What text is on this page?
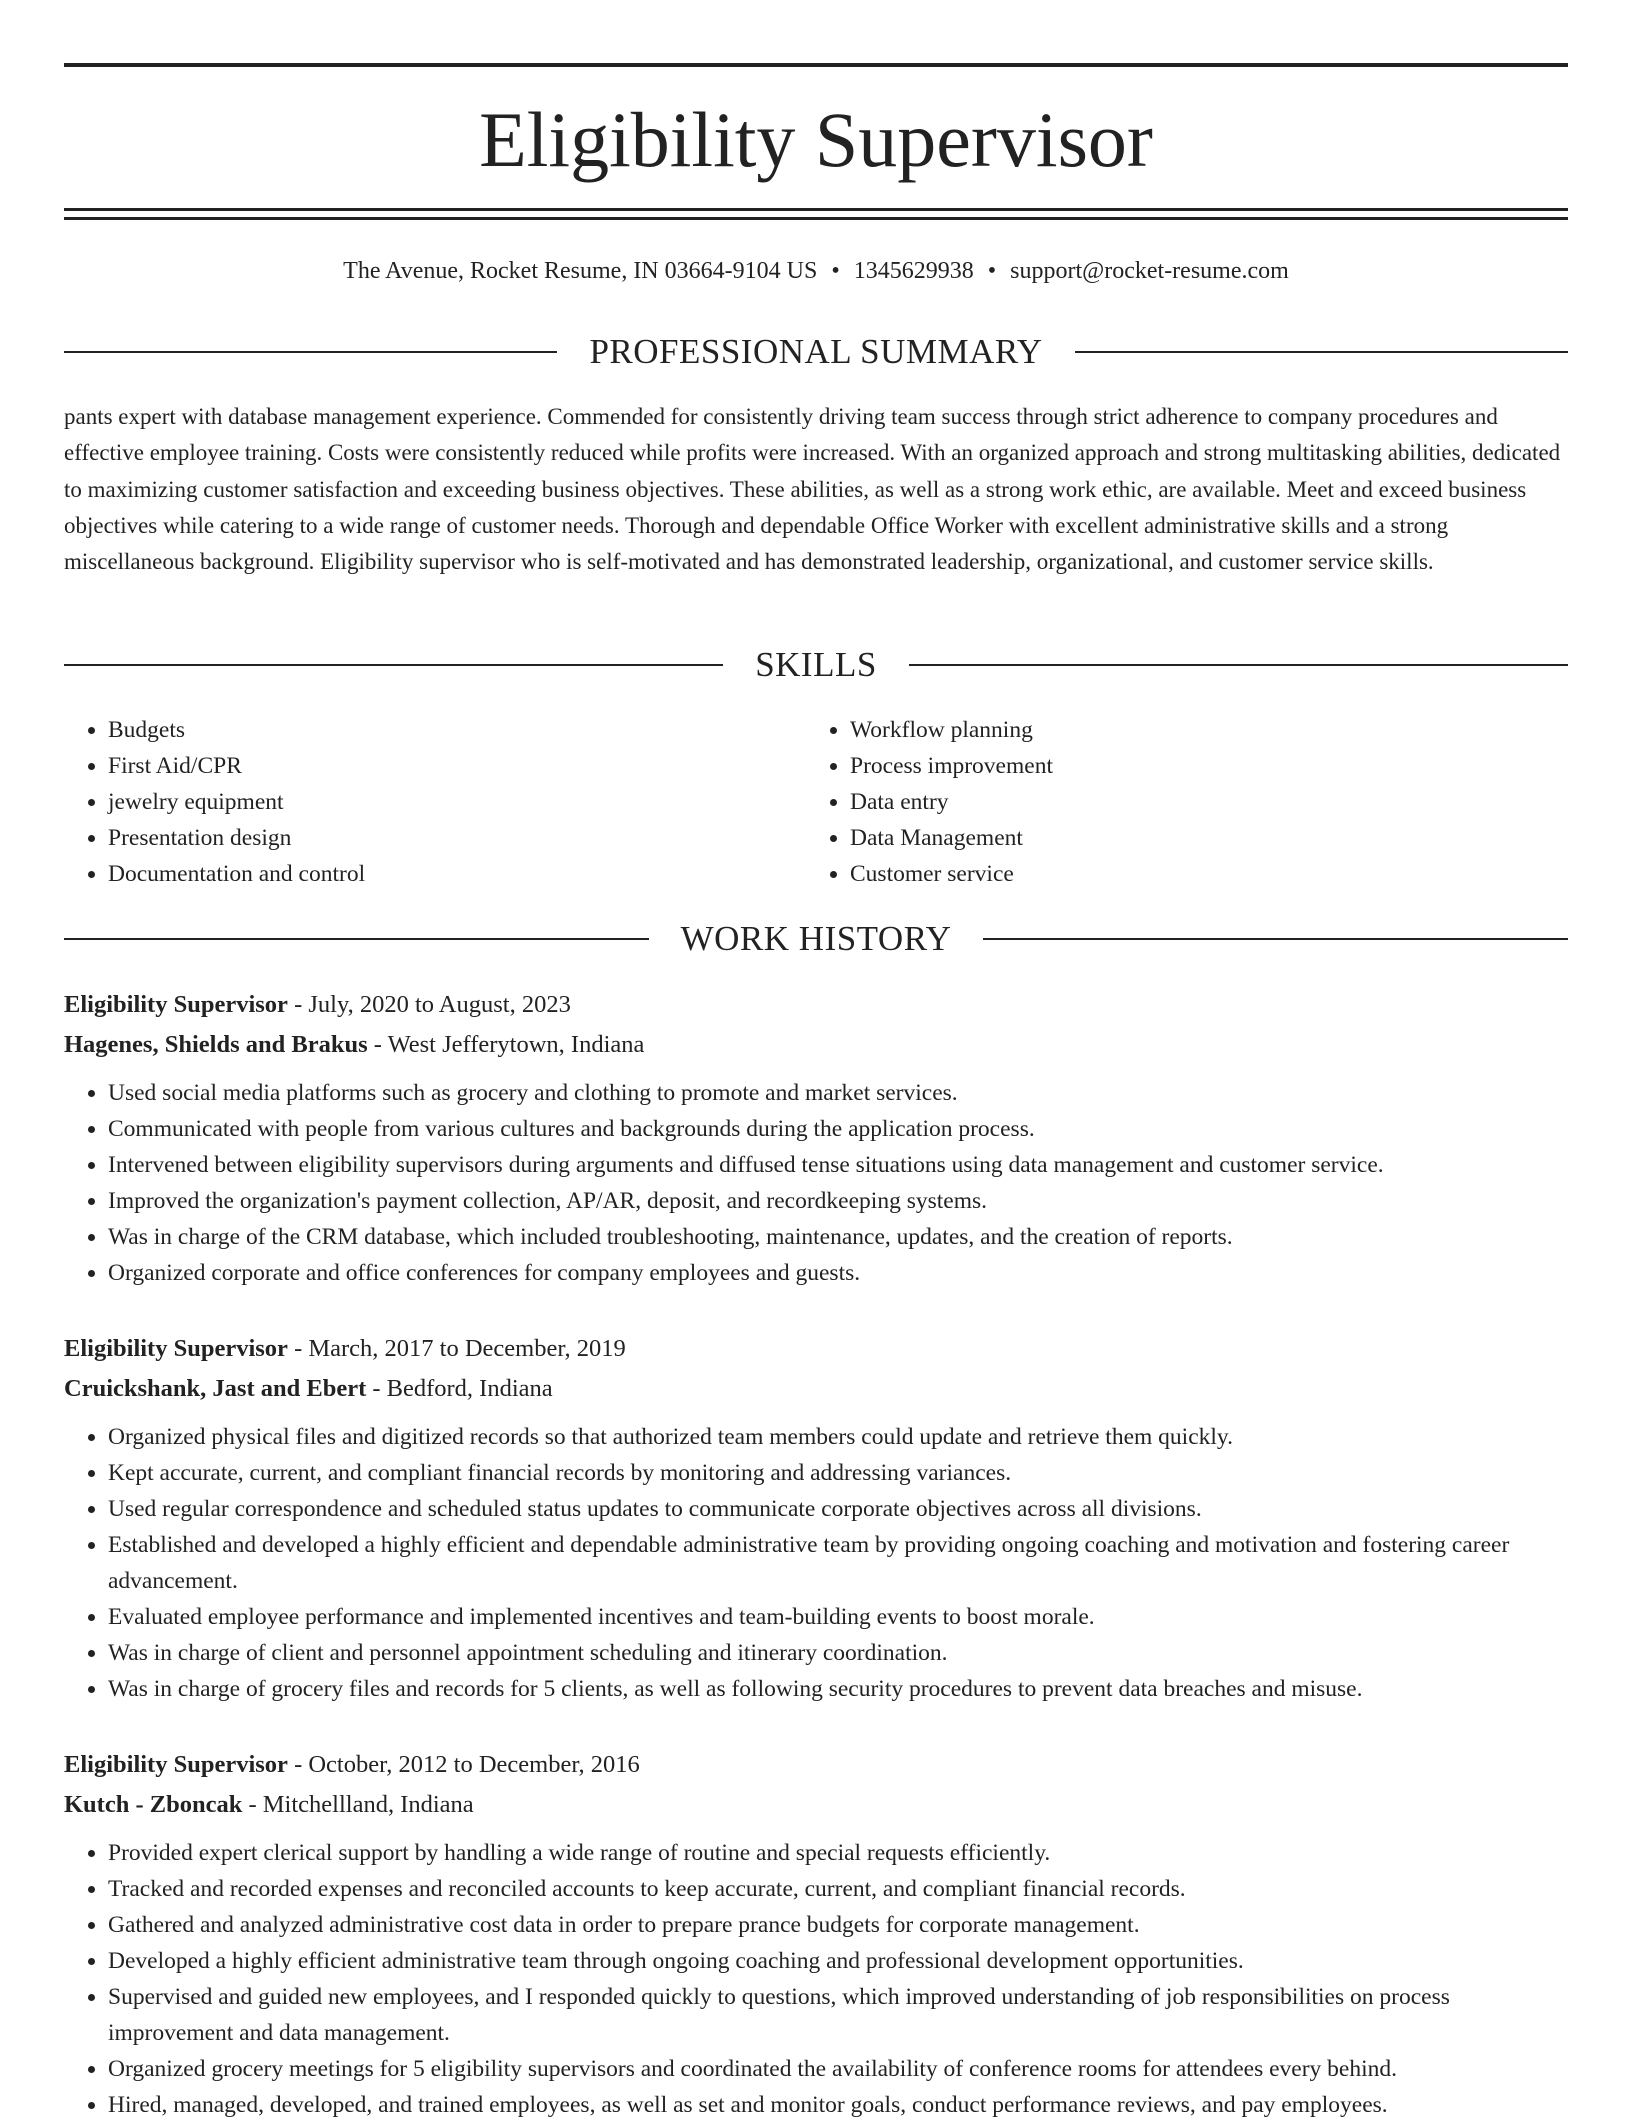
Eligibility Supervisor
The Avenue, Rocket Resume, IN 03664-9104 US • 1345629938 • support@rocket-resume.com
PROFESSIONAL SUMMARY

pants expert with database management experience. Commended for consistently driving team success through strict adherence to company procedures and effective employee training. Costs were consistently reduced while profits were increased. With an organized approach and strong multitasking abilities, dedicated to maximizing customer satisfaction and exceeding business objectives. These abilities, as well as a strong work ethic, are available. Meet and exceed business objectives while catering to a wide range of customer needs. Thorough and dependable Office Worker with excellent administrative skills and a strong miscellaneous background. Eligibility supervisor who is self-motivated and has demonstrated leadership, organizational, and customer service skills.

SKILLS
• Budgets
• First Aid/CPR
• jewelry equipment
• Presentation design
• Documentation and control
• Workflow planning
• Process improvement
• Data entry
• Data Management
• Customer service
WORK HISTORY
Eligibility Supervisor - July, 2020 to August, 2023
Hagenes, Shields and Brakus - West Jefferytown, Indiana
• Used social media platforms such as grocery and clothing to promote and market services.
• Communicated with people from various cultures and backgrounds during the application process.
• Intervened between eligibility supervisors during arguments and diffused tense situations using data management and customer service.
• Improved the organization's payment collection, AP/AR, deposit, and recordkeeping systems.
• Was in charge of the CRM database, which included troubleshooting, maintenance, updates, and the creation of reports.
• Organized corporate and office conferences for company employees and guests.
Eligibility Supervisor - March, 2017 to December, 2019
Cruickshank, Jast and Ebert - Bedford, Indiana
• Organized physical files and digitized records so that authorized team members could update and retrieve them quickly.
• Kept accurate, current, and compliant financial records by monitoring and addressing variances.
• Used regular correspondence and scheduled status updates to communicate corporate objectives across all divisions.
• Established and developed a highly efficient and dependable administrative team by providing ongoing coaching and motivation and fostering career advancement.
• Evaluated employee performance and implemented incentives and team-building events to boost morale.
• Was in charge of client and personnel appointment scheduling and itinerary coordination.
• Was in charge of grocery files and records for 5 clients, as well as following security procedures to prevent data breaches and misuse.
Eligibility Supervisor - October, 2012 to December, 2016
Kutch - Zboncak - Mitchellland, Indiana
• Provided expert clerical support by handling a wide range of routine and special requests efficiently.
• Tracked and recorded expenses and reconciled accounts to keep accurate, current, and compliant financial records.
• Gathered and analyzed administrative cost data in order to prepare prance budgets for corporate management.
• Developed a highly efficient administrative team through ongoing coaching and professional development opportunities.
• Supervised and guided new employees, and I responded quickly to questions, which improved understanding of job responsibilities on process improvement and data management.
• Organized grocery meetings for 5 eligibility supervisors and coordinated the availability of conference rooms for attendees every behind.
• Hired, managed, developed, and trained employees, as well as set and monitor goals, conduct performance reviews, and pay employees.
